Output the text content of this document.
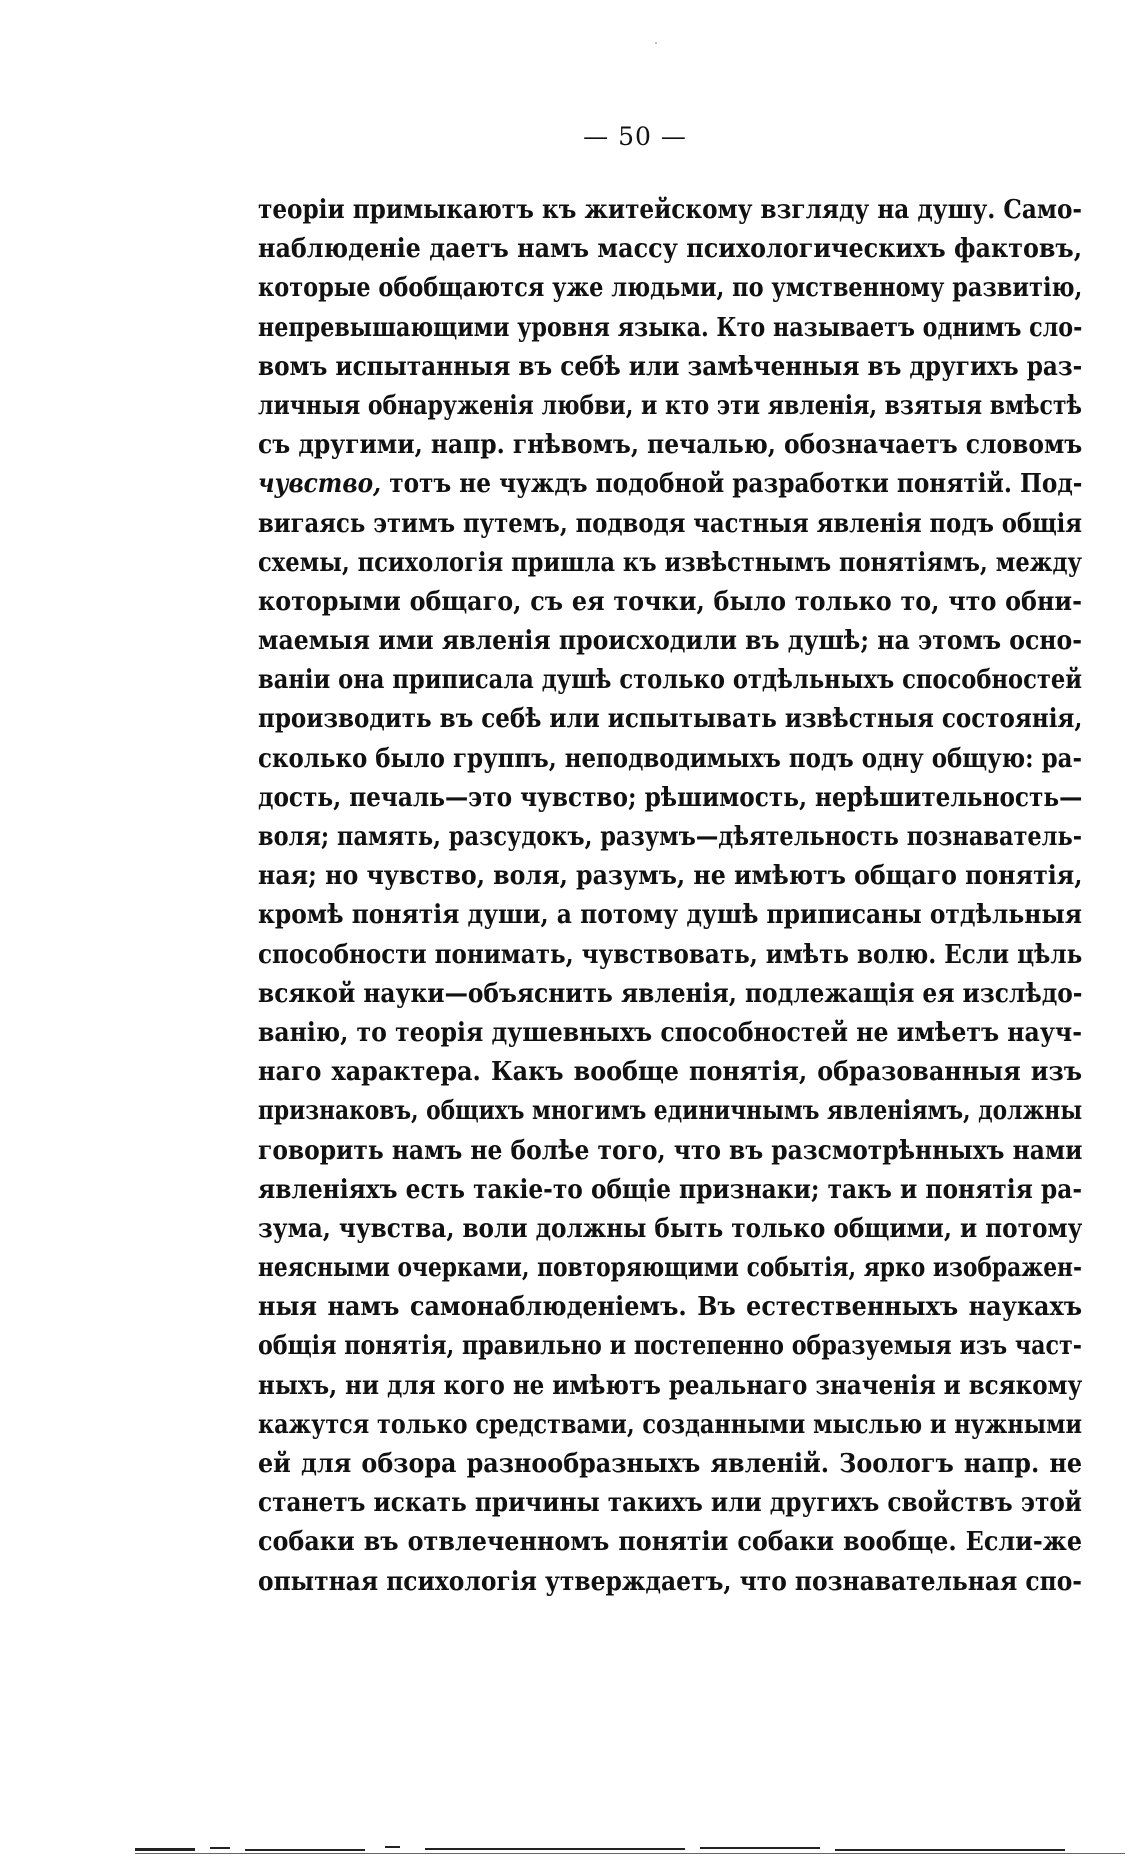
— 50 —
теоріи примыкаютъ къ житейскому взгляду на душу. Само-
наблюденіе даетъ намъ массу психологическихъ фактовъ,
которые обобщаются уже людьми, по умственному развитію,
непревышающими уровня языка. Кто называетъ однимъ сло-
вомъ испытанныя въ себѣ или замѣченныя въ другихъ раз-
личныя обнаруженія любви, и кто эти явленія, взятыя вмѣстѣ
съ другими, напр. гнѣвомъ, печалью, обозначаетъ словомъ
чувство, тотъ не чуждъ подобной разработки понятій. Под-
вигаясь этимъ путемъ, подводя частныя явленія подъ общія
схемы, психологія пришла къ извѣстнымъ понятіямъ, между
которыми общаго, съ ея точки, было только то, что обни-
маемыя ими явленія происходили въ душѣ; на этомъ осно-
ваніи она приписала душѣ столько отдѣльныхъ способностей
производить въ себѣ или испытывать извѣстныя состоянія,
сколько было группъ, неподводимыхъ подъ одну общую: ра-
дость, печаль—это чувство; рѣшимость, нерѣшительность—
воля; память, разсудокъ, разумъ—дѣятельность познаватель-
ная; но чувство, воля, разумъ, не имѣютъ общаго понятія,
кромѣ понятія души, а потому душѣ приписаны отдѣльныя
способности понимать, чувствовать, имѣть волю. Если цѣль
всякой науки—объяснить явленія, подлежащія ея изслѣдо-
ванію, то теорія душевныхъ способностей не имѣетъ науч-
наго характера. Какъ вообще понятія, образованныя изъ
признаковъ, общихъ многимъ единичнымъ явленіямъ, должны
говорить намъ не болѣе того, что въ разсмотрѣнныхъ нами
явленіяхъ есть такіе-то общіе признаки; такъ и понятія ра-
зума, чувства, воли должны быть только общими, и потому
неясными очерками, повторяющими событія, ярко изображен-
ныя намъ самонаблюденіемъ. Въ естественныхъ наукахъ
общія понятія, правильно и постепенно образуемыя изъ част-
ныхъ, ни для кого не имѣютъ реальнаго значенія и всякому
кажутся только средствами, созданными мыслью и нужными
ей для обзора разнообразныхъ явленій. Зоологъ напр. не
станетъ искать причины такихъ или другихъ свойствъ этой
собаки въ отвлеченномъ понятіи собаки вообще. Если-же
опытная психологія утверждаетъ, что познавательная спо-
